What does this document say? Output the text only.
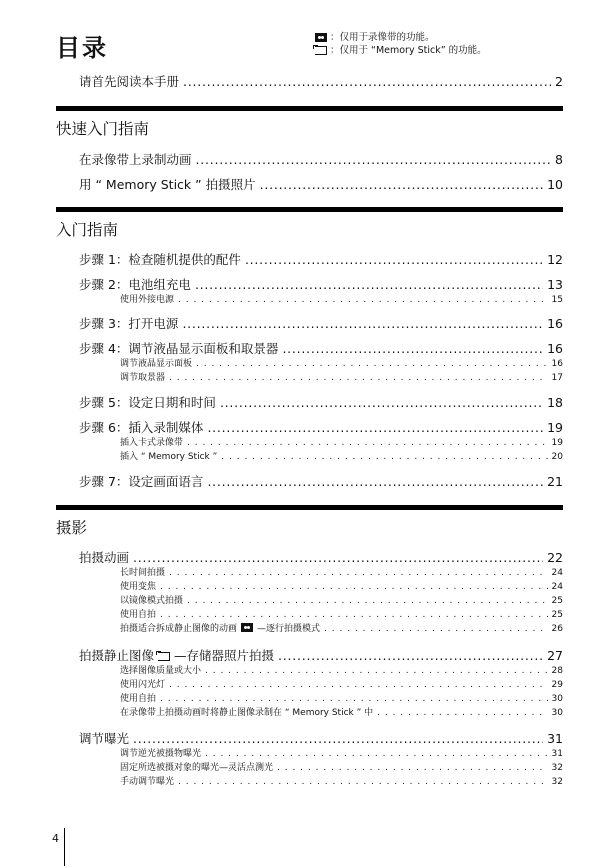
目录	：仅用于录像带的功能。
：仅用于 “Memory Stick” 的功能。
请首先阅读本手册 . . .	2
快速入门指南
在录像带上录制动画 . . .	8
用 “ Memory Stick ” 拍摄照片 . . .	10
入门指南
步骤 1：检查随机提供的配件 . . .	12
步骤 2：电池组充电 . . .	13
使用外接电源 . . .	15
步骤 3：打开电源 . . .	16
步骤 4：调节液晶显示面板和取景器 . . .	16
调节液晶显示面板 . . .	16
调节取景器 . . .	17
步骤 5：设定日期和时间 . . .	18
步骤 6：插入录制媒体 . . .	19
插入卡式录像带 . . .	19
插入 “ Memory Stick ” . . .	20
步骤 7：设定画面语言 . . .	21
摄影
拍摄动画 . . .	22
长时间拍摄 . . .	24
使用变焦 . . .	24
以镜像模式拍摄 . . .	25
使用自拍 . . .	25
拍摄适合拆成静止图像的动画 —逐行拍摄模式 . . .	26
拍摄静止图像 —存储器照片拍摄 . . .	27
选择图像质量或大小 . . .	28
使用闪光灯 . . .	29
使用自拍 . . .	30
在录像带上拍摄动画时将静止图像录制在 “ Memory Stick ” 中 . . .	30
调节曝光 . . .	31
调节逆光被摄物曝光 . . .	31
固定所选被摄对象的曝光—灵活点测光 . . .	32
手动调节曝光 . . .	32
4
